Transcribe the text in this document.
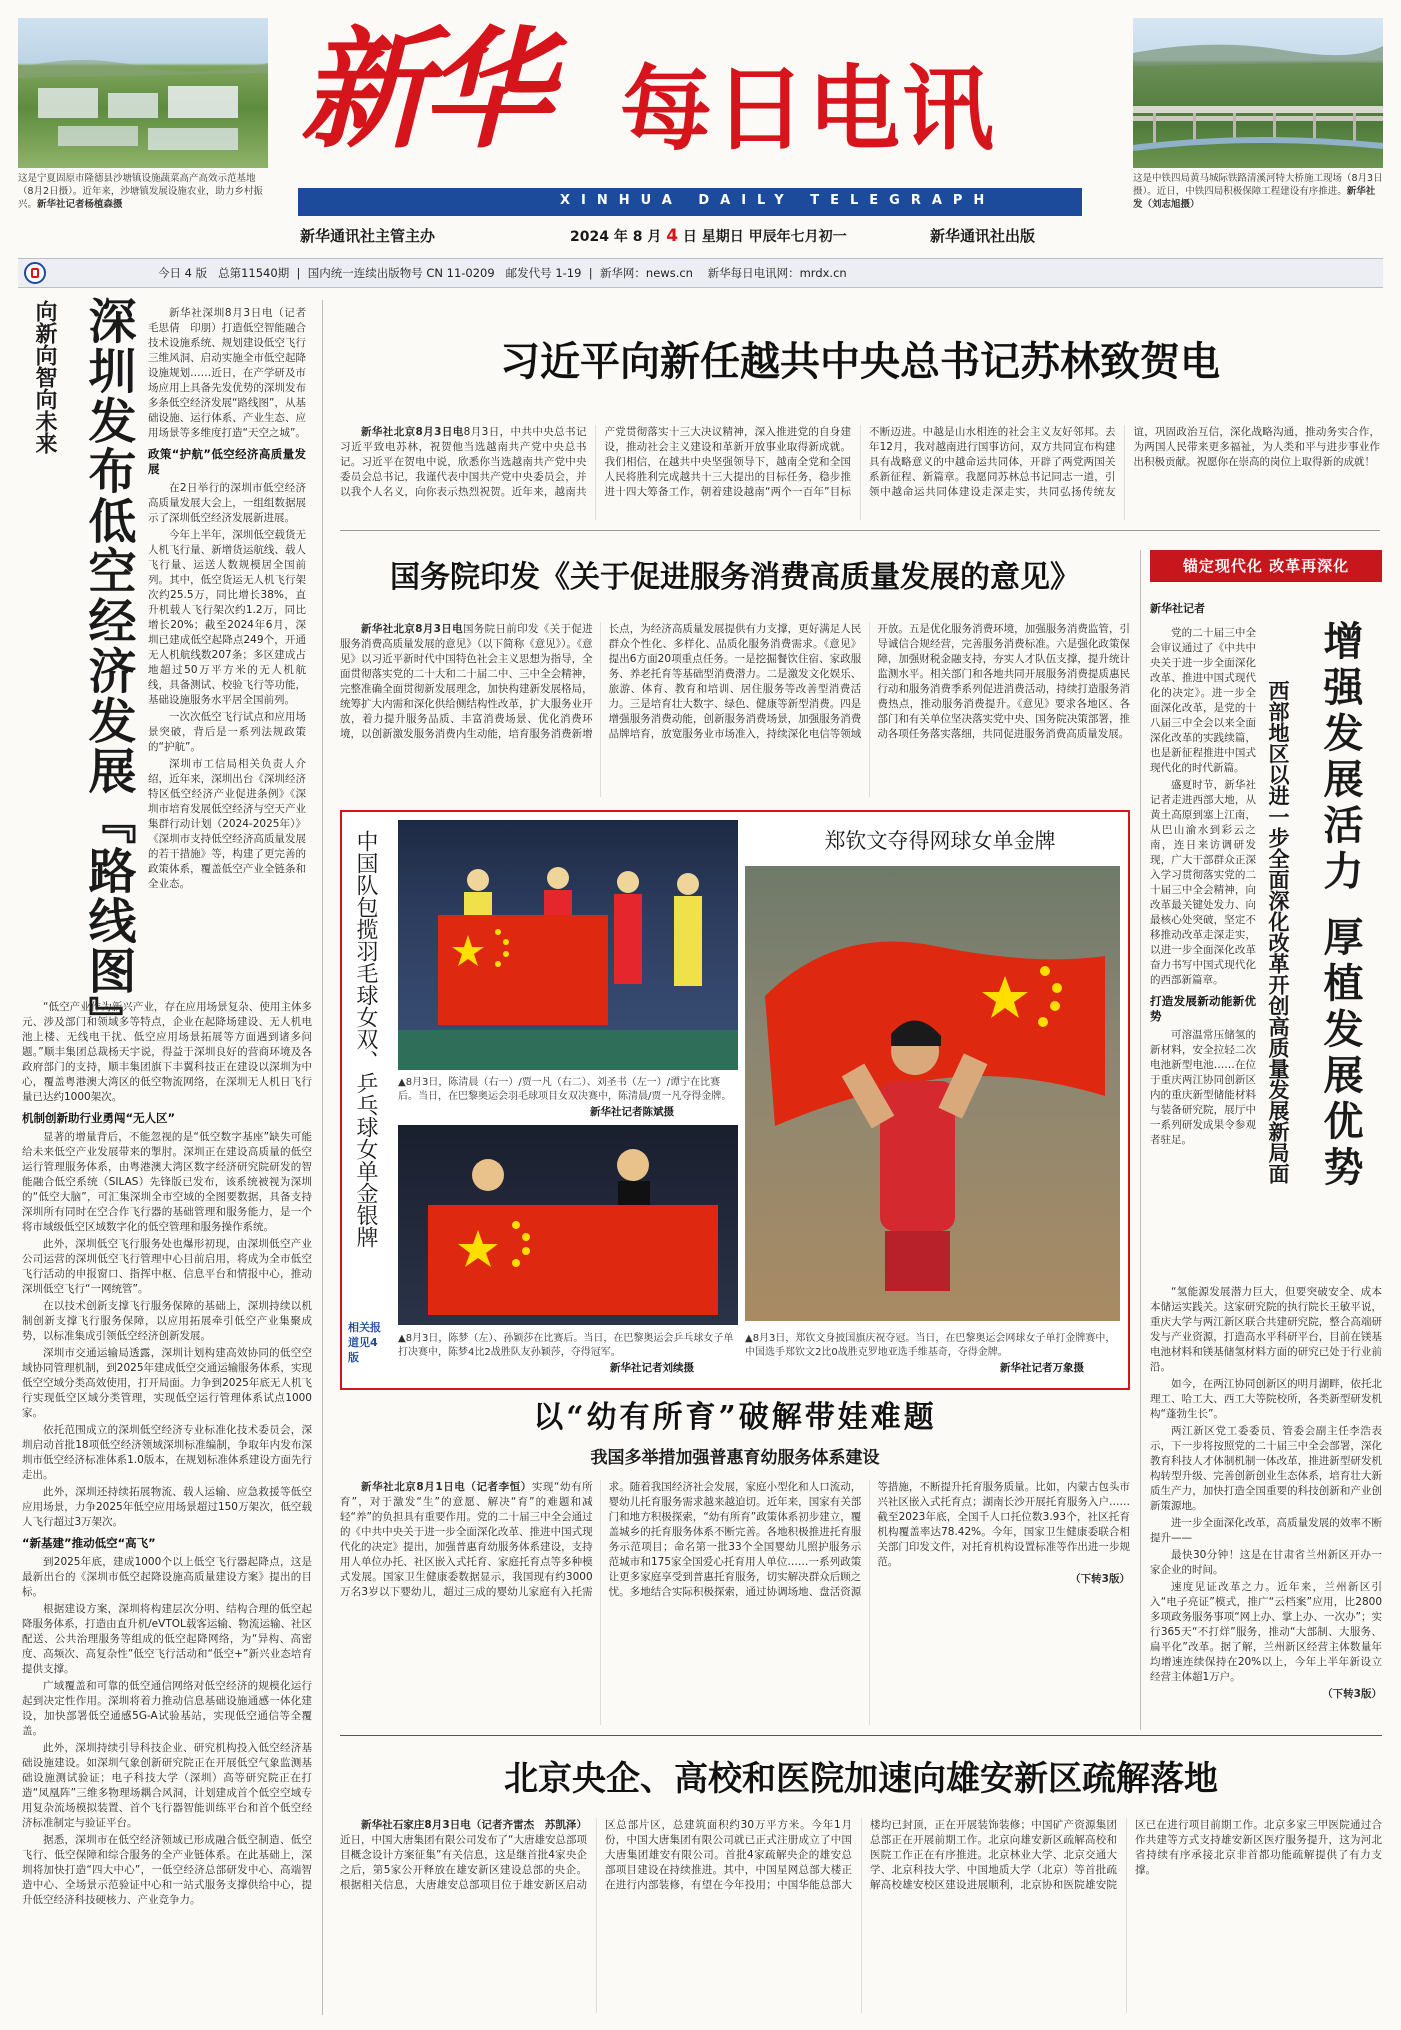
这是宁夏固原市隆德县沙塘镇设施蔬菜高产高效示范基地（8月2日摄）。近年来，沙塘镇发展设施农业，助力乡村振兴。新华社记者杨植森摄
这是中铁四局黄马城际铁路清溪河特大桥施工现场（8月3日摄）。近日，中铁四局积极保障工程建设有序推进。新华社发（刘志旭摄）
新华 每日电讯
XINHUA DAILY TELEGRAPH
新华通讯社主管主办	2024 年 8 月 4 日 星期日 甲辰年七月初一	新华通讯社出版
今日 4 版 总第11540期  |  国内统一连续出版物号 CN 11-0209 邮发代号 1-19  |  新华网：news.cn 新华每日电讯网：mrdx.cn
向新向智向未来 深圳发布低空经济发展『路线图』	新华社深圳8月3日电（记者毛思倩　印朋）打造低空智能融合技术设施系统、规划建设低空飞行三维风洞、启动实施全市低空起降设施规划……近日，在产学研及市场应用上具备先发优势的深圳发布多条低空经济发展“路线图”，从基础设施、运行体系、产业生态、应用场景等多维度打造“天空之城”。

政策“护航”低空经济高质量发展

在2日举行的深圳市低空经济高质量发展大会上，一组组数据展示了深圳低空经济发展新进展。

今年上半年，深圳低空载货无人机飞行量、新增货运航线、载人飞行量、运送人数规模居全国前列。其中，低空货运无人机飞行架次约25.5万，同比增长38%，直升机载人飞行架次约1.2万，同比增长20%；截至2024年6月，深圳已建成低空起降点249个，开通无人机航线数207条；多区建成占地超过50万平方米的无人机航线，具备测试、校验飞行等功能，基础设施服务水平居全国前列。

一次次低空飞行试点和应用场景突破，背后是一系列法规政策的“护航”。

深圳市工信局相关负责人介绍，近年来，深圳出台《深圳经济特区低空经济产业促进条例》《深圳市培育发展低空经济与空天产业集群行动计划（2024-2025年）》《深圳市支持低空经济高质量发展的若干措施》等，构建了更完善的政策体系，覆盖低空产业全链条和全业态。

“低空产业作为新兴产业，存在应用场景复杂、使用主体多元、涉及部门和领域多等特点，企业在起降场建设、无人机电池上楼、无线电干扰、低空应用场景拓展等方面遇到诸多问题。”顺丰集团总裁杨天宇说，得益于深圳良好的营商环境及各政府部门的支持，顺丰集团旗下丰翼科技正在建设以深圳为中心，覆盖粤港澳大湾区的低空物流网络，在深圳无人机日飞行量已达约1000架次。

机制创新助行业勇闯“无人区”

显著的增量背后，不能忽视的是“低空数字基座”缺失可能给未来低空产业发展带来的掣肘。深圳正在建设高质量的低空运行管理服务体系，由粤港澳大湾区数字经济研究院研发的智能融合低空系统（SILAS）先锋版已发布，该系统被视为深圳的“低空大脑”，可汇集深圳全市空域的全图要数据，具备支持深圳所有同时在空合作飞行器的基础管理和服务能力，是一个将市域级低空区域数字化的低空管理和服务操作系统。

此外，深圳低空飞行服务处也爆形初现，由深圳低空产业公司运营的深圳低空飞行管理中心目前启用，将成为全市低空飞行活动的申报窗口、指挥中枢、信息平台和情报中心，推动深圳低空飞行“一网统管”。

在以技术创新支撑飞行服务保障的基础上，深圳持续以机制创新支撑飞行服务保障，以应用拓展牵引低空产业集聚成势，以标准集成引领低空经济创新发展。

深圳市交通运输局透露，深圳计划构建高效协同的低空空域协同管理机制，到2025年建成低空交通运输服务体系，实现低空空域分类高效使用，打开局面。力争到2025年底无人机飞行实现低空区域分类管理，实现低空运行管理体系试点1000家。

依托范围成立的深圳低空经济专业标准化技术委员会，深圳启动首批18项低空经济领域深圳标准编制，争取年内发布深圳市低空经济标准体系1.0版本，在规划标准体系建设方面先行走出。

此外，深圳还持续拓展物流、载人运输、应急救援等低空应用场景，力争2025年低空应用场景超过150万架次，低空载人飞行超过3万架次。

“新基建”推动低空“高飞”

到2025年底，建成1000个以上低空飞行器起降点，这是最新出台的《深圳市低空起降设施高质量建设方案》提出的目标。

根据建设方案，深圳将构建层次分明、结构合理的低空起降服务体系，打造由直升机/eVTOL载客运输、物流运输、社区配送、公共治理服务等组成的低空起降网络，为“异构、高密度、高频次、高复杂性”低空飞行活动和“低空+”新兴业态培育提供支撑。

广域覆盖和可靠的低空通信网络对低空经济的规模化运行起到决定性作用。深圳将着力推动信息基础设施通感一体化建设，加快部署低空通感5G-A试验基站，实现低空通信等全覆盖。

此外，深圳持续引导科技企业、研究机构投入低空经济基础设施建设。如深圳气象创新研究院正在开展低空气象监测基础设施测试验证；电子科技大学（深圳）高等研究院正在打造“凤凰阵”三维多物理场耦合风洞，计划建成首个低空空域专用复杂流场模拟装置、首个飞行器智能训练平台和首个低空经济标准制定与验证平台。

据悉，深圳市在低空经济领域已形成融合低空制造、低空飞行、低空保障和综合服务的全产业链体系。在此基础上，深圳将加快打造“四大中心”，一低空经济总部研发中心、高端智造中心、全场景示范验证中心和一站式服务支撑供给中心，提升低空经济科技硬核力、产业竞争力。

习近平向新任越共中央总书记苏林致贺电

新华社北京8月3日电8月3日，中共中央总书记习近平致电苏林，祝贺他当选越南共产党中央总书记。习近平在贺电中说，欣悉你当选越南共产党中央委员会总书记，我谨代表中国共产党中央委员会，并以我个人名义，向你表示热烈祝贺。近年来，越南共产党贯彻落实十三大决议精神，深入推进党的自身建设，推动社会主义建设和革新开放事业取得新成就。我们相信，在越共中央坚强领导下，越南全党和全国人民将胜利完成越共十三大提出的目标任务，稳步推进十四大筹备工作，朝着建设越南“两个一百年”目标不断迈进。中越是山水相连的社会主义友好邻邦。去年12月，我对越南进行国事访问，双方共同宣布构建具有战略意义的中越命运共同体，开辟了两党两国关系新征程、新篇章。我愿同苏林总书记同志一道，引领中越命运共同体建设走深走实，共同弘扬传统友谊，巩固政治互信，深化战略沟通，推动务实合作，为两国人民带来更多福祉，为人类和平与进步事业作出积极贡献。祝愿你在崇高的岗位上取得新的成就！

国务院印发《关于促进服务消费高质量发展的意见》

新华社北京8月3日电国务院日前印发《关于促进服务消费高质量发展的意见》（以下简称《意见》）。《意见》以习近平新时代中国特色社会主义思想为指导，全面贯彻落实党的二十大和二十届二中、三中全会精神，完整准确全面贯彻新发展理念，加快构建新发展格局，统筹扩大内需和深化供给侧结构性改革，扩大服务业开放，着力提升服务品质、丰富消费场景、优化消费环境，以创新激发服务消费内生动能，培育服务消费新增长点，为经济高质量发展提供有力支撑，更好满足人民群众个性化、多样化、品质化服务消费需求。《意见》提出6方面20项重点任务。一是挖掘餐饮住宿、家政服务、养老托育等基础型消费潜力。二是激发文化娱乐、旅游、体育、教育和培训、居住服务等改善型消费活力。三是培育壮大数字、绿色、健康等新型消费。四是增强服务消费动能，创新服务消费场景，加强服务消费品牌培育，放宽服务业市场准入，持续深化电信等领域开放。五是优化服务消费环境，加强服务消费监管，引导诚信合规经营，完善服务消费标准。六是强化政策保障，加强财税金融支持，夯实人才队伍支撑，提升统计监测水平。相关部门和各地共同开展服务消费提质惠民行动和服务消费季系列促进消费活动，持续打造服务消费热点，推动服务消费提升。《意见》要求各地区、各部门和有关单位坚决落实党中央、国务院决策部署，推动各项任务落实落细，共同促进服务消费高质量发展。

锚定现代化 改革再深化
新华社记者
增强发展活力 厚植发展优势
西部地区以进一步全面深化改革开创高质量发展新局面

党的二十届三中全会审议通过了《中共中央关于进一步全面深化改革、推进中国式现代化的决定》。进一步全面深化改革，是党的十八届三中全会以来全面深化改革的实践续篇，也是新征程推进中国式现代化的时代新篇。

盛夏时节，新华社记者走进西部大地，从黄土高原到塞上江南，从巴山渝水到彩云之南，连日来访调研发现，广大干部群众正深入学习贯彻落实党的二十届三中全会精神，向改革最关键处发力、向最核心处突破，坚定不移推动改革走深走实，以进一步全面深化改革奋力书写中国式现代化的西部新篇章。

打造发展新动能新优势

可溶温常压储氢的新材料，安全拉轻二次电池新型电池……在位于重庆两江协同创新区内的重庆新型储能材料与装备研究院，展厅中一系列研发成果令参观者驻足。

“氢能源发展潜力巨大，但要突破安全、成本本储运实践关。这家研究院的执行院长王敏平说，重庆大学与两江新区联合共建研究院，整合高端研发与产业资源，打造高水平科研平台，目前在镁基电池材料和镁基储氢材料方面的研究已处于行业前沿。

如今，在两江协同创新区的明月湖畔，依托北理工、哈工大、西工大等院校所，各类新型研发机构“蓬勃生长”。

两江新区党工委委员、管委会副主任李浩表示，下一步将按照党的二十届三中全会部署，深化教育科技人才体制机制一体改革，推进新型研发机构转型升级、完善创新创业生态体系，培育壮大新质生产力，加快打造全国重要的科技创新和产业创新策源地。

进一步全面深化改革，高质量发展的效率不断提升——

最快30分钟！这是在甘肃省兰州新区开办一家企业的时间。

速度见证改革之力。近年来，兰州新区引入“电子亮证”模式，推广“云档案”应用，比2800多项政务服务事项“网上办、掌上办、一次办”；实行365天“不打烊”服务，推动“大部制、大服务、扁平化”改革。据了解，兰州新区经营主体数量年均增速连续保持在20%以上，今年上半年新设立经营主体超1万户。

（下转3版）
中国队包揽羽毛球女双、乒乓球女单金银牌
相关报道见4版
▲8月3日，陈清晨（右一）/贾一凡（右二）、刘圣书（左一）/谭宁在比赛后。当日，在巴黎奥运会羽毛球项目女双决赛中，陈清晨/贾一凡夺得金牌。
新华社记者陈斌摄
▲8月3日，陈梦（左）、孙颖莎在比赛后。当日，在巴黎奥运会乒乓球女子单打决赛中，陈梦4比2战胜队友孙颖莎，夺得冠军。
新华社记者刘续摄
郑钦文夺得网球女单金牌
▲8月3日，郑钦文身披国旗庆祝夺冠。当日，在巴黎奥运会网球女子单打金牌赛中，中国选手郑钦文2比0战胜克罗地亚选手维基奇，夺得金牌。
新华社记者万象摄
以“幼有所育”破解带娃难题
我国多举措加强普惠育幼服务体系建设

新华社北京8月1日电（记者李恒）实现“幼有所育”，对于激发“生”的意愿、解决“育”的难题和减轻“养”的负担具有重要作用。党的二十届三中全会通过的《中共中央关于进一步全面深化改革、推进中国式现代化的决定》提出，加强普惠育幼服务体系建设，支持用人单位办托、社区嵌入式托育、家庭托育点等多种模式发展。国家卫生健康委数据显示，我国现有约3000万名3岁以下婴幼儿，超过三成的婴幼儿家庭有入托需求。随着我国经济社会发展，家庭小型化和人口流动，婴幼儿托育服务需求越来越迫切。近年来，国家有关部门和地方积极探索，“幼有所育”政策体系初步建立，覆盖城乡的托育服务体系不断完善。各地积极推进托育服务示范项目；命名第一批33个全国婴幼儿照护服务示范城市和175家全国爱心托育用人单位……一系列政策让更多家庭享受到普惠托育服务，切实解决群众后顾之忧。多地结合实际积极探索，通过协调场地、盘活资源等措施，不断提升托育服务质量。比如，内蒙古包头市兴社区嵌入式托育点；湖南长沙开展托育服务入户……截至2023年底，全国千人口托位数3.93个，社区托育机构覆盖率达78.42%。今年，国家卫生健康委联合相关部门印发文件，对托育机构设置标准等作出进一步规范。

（下转3版）
北京央企、高校和医院加速向雄安新区疏解落地

新华社石家庄8月3日电（记者齐雷杰　苏凯泽）近日，中国大唐集团有限公司发布了“大唐雄安总部项目概念设计方案征集”有关信息，这是继首批4家央企之后，第5家公开释放在雄安新区建设总部的央企。根据相关信息，大唐雄安总部项目位于雄安新区启动区总部片区，总建筑面积约30万平方米。今年1月份，中国大唐集团有限公司就已正式注册成立了中国大唐集团雄安有限公司。首批4家疏解央企的雄安总部项目建设在持续推进。其中，中国星网总部大楼正在进行内部装修，有望在今年投用；中国华能总部大楼均已封顶，正在开展装饰装修；中国矿产资源集团总部正在开展前期工作。北京向雄安新区疏解高校和医院工作正在有序推进。北京林业大学、北京交通大学、北京科技大学、中国地质大学（北京）等首批疏解高校雄安校区建设进展顺利，北京协和医院雄安院区已在进行项目前期工作。北京多家三甲医院通过合作共建等方式支持雄安新区医疗服务提升，这为河北省持续有序承接北京非首都功能疏解提供了有力支撑。
